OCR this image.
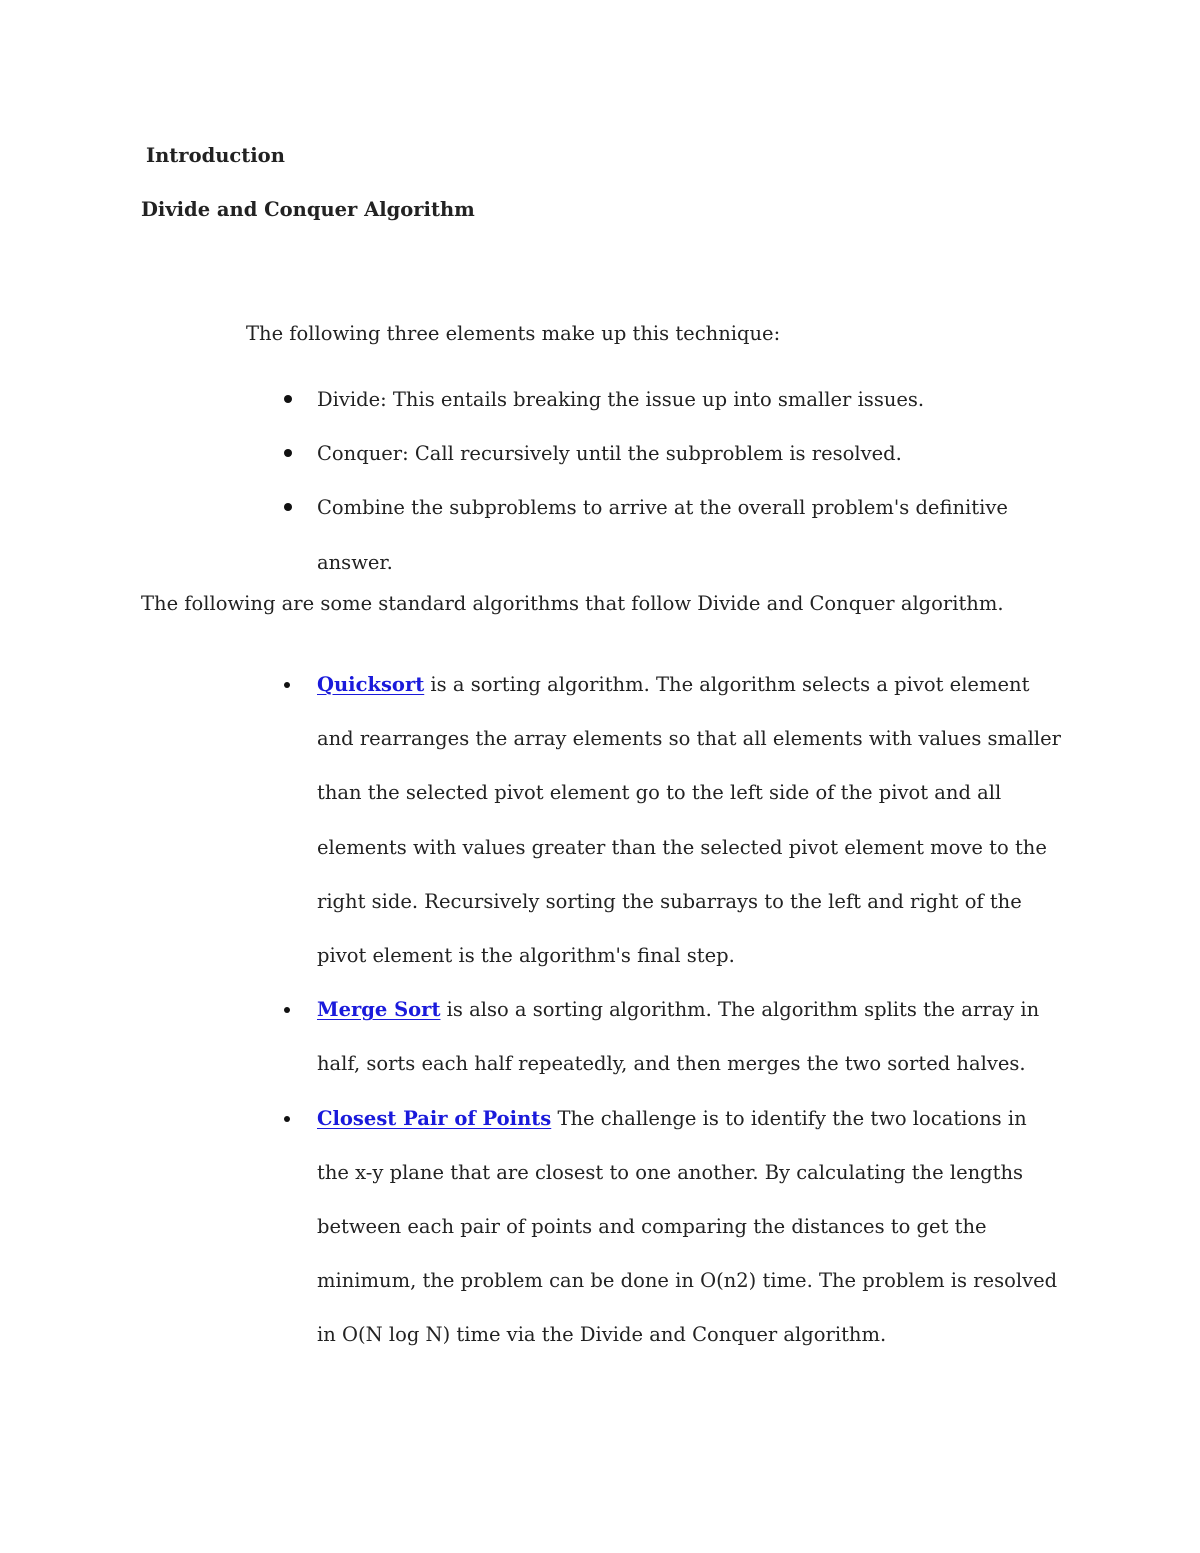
Introduction
Divide and Conquer Algorithm
The following three elements make up this technique:
Divide: This entails breaking the issue up into smaller issues.
Conquer: Call recursively until the subproblem is resolved.
Combine the subproblems to arrive at the overall problem's definitive answer.
The following are some standard algorithms that follow Divide and Conquer algorithm.
Quicksort is a sorting algorithm. The algorithm selects a pivot element and rearranges the array elements so that all elements with values smaller than the selected pivot element go to the left side of the pivot and all elements with values greater than the selected pivot element move to the right side. Recursively sorting the subarrays to the left and right of the pivot element is the algorithm's final step.
Merge Sort is also a sorting algorithm. The algorithm splits the array in half, sorts each half repeatedly, and then merges the two sorted halves.
Closest Pair of Points The challenge is to identify the two locations in the x-y plane that are closest to one another. By calculating the lengths between each pair of points and comparing the distances to get the minimum, the problem can be done in O(n2) time. The problem is resolved in O(N log N) time via the Divide and Conquer algorithm.
